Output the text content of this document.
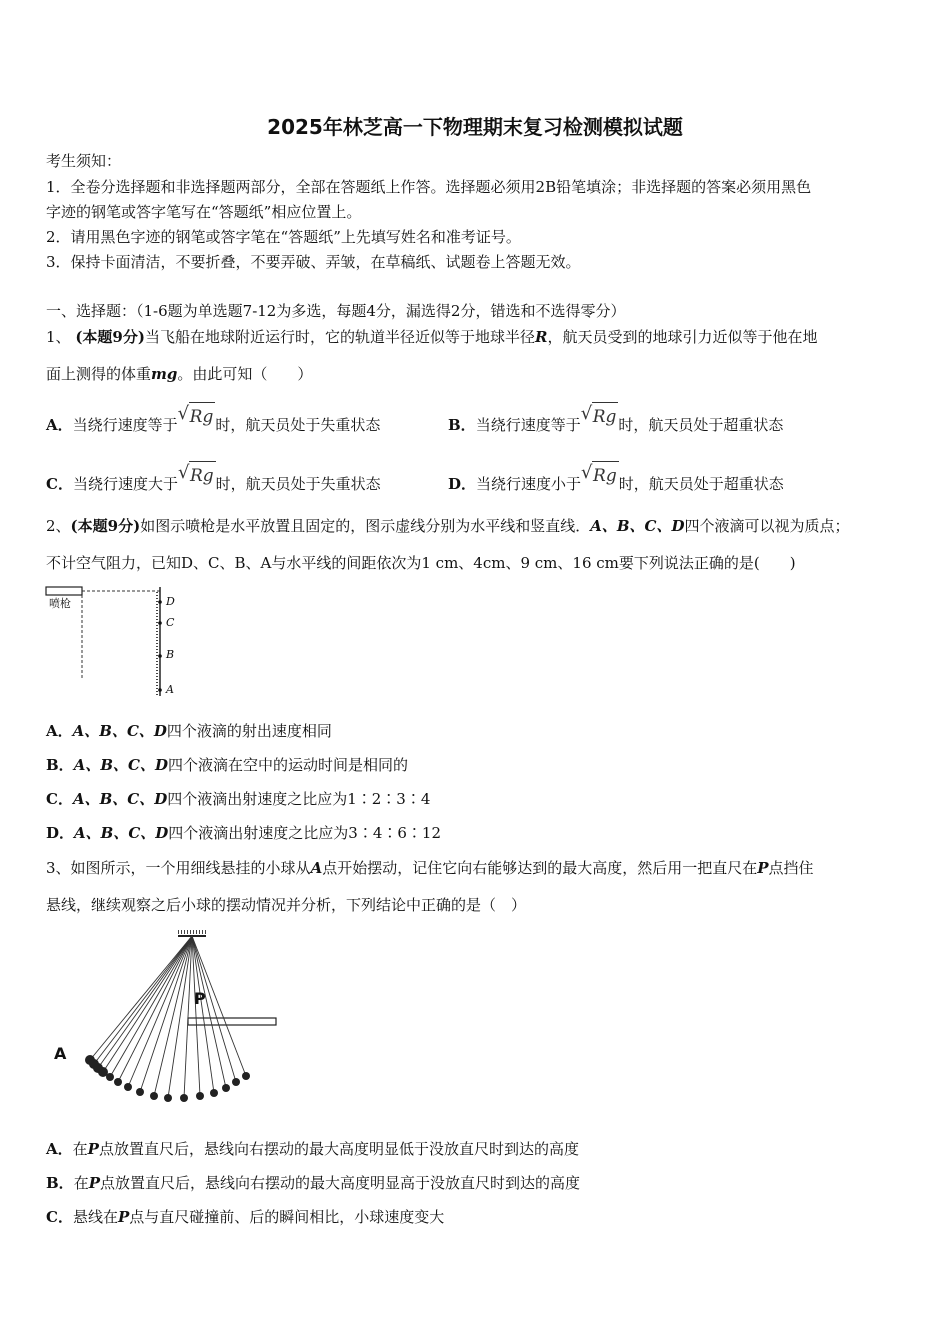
2025年林芝高一下物理期末复习检测模拟试题
考生须知：
1．全卷分选择题和非选择题两部分，全部在答题纸上作答。选择题必须用2B铅笔填涂；非选择题的答案必须用黑色
字迹的钢笔或答字笔写在“答题纸”相应位置上。
2．请用黑色字迹的钢笔或答字笔在“答题纸”上先填写姓名和准考证号。
3．保持卡面清洁，不要折叠，不要弄破、弄皱，在草稿纸、试题卷上答题无效。
一、选择题：（1-6题为单选题7-12为多选，每题4分，漏选得2分，错选和不选得零分）
1、 (本题9分)当飞船在地球附近运行时，它的轨道半径近似等于地球半径R，航天员受到的地球引力近似等于他在地
面上测得的体重mg。由此可知（　　）
A．当绕行速度等于 √ Rg 时，航天员处于失重状态	B．当绕行速度等于 √ Rg 时，航天员处于超重状态
C．当绕行速度大于 √ Rg 时，航天员处于失重状态	D．当绕行速度小于 √ Rg 时，航天员处于超重状态
2、(本题9分)如图示喷枪是水平放置且固定的，图示虚线分别为水平线和竖直线．A、B、C、D四个液滴可以视为质点；
不计空气阻力，已知D、C、B、A与水平线的间距依次为1 cm、4cm、9 cm、16 cm要下列说法正确的是(　　)
喷枪	D
C
B
A
A．A、B、C、D四个液滴的射出速度相同
B．A、B、C、D四个液滴在空中的运动时间是相同的
C．A、B、C、D四个液滴出射速度之比应为1∶2∶3∶4
D．A、B、C、D四个液滴出射速度之比应为3∶4∶6∶12
3、如图所示，一个用细线悬挂的小球从A点开始摆动，记住它向右能够达到的最大高度，然后用一把直尺在P点挡住
悬线，继续观察之后小球的摆动情况并分析，下列结论中正确的是（　）
P
A
A．在P点放置直尺后，悬线向右摆动的最大高度明显低于没放直尺时到达的高度
B．在P点放置直尺后，悬线向右摆动的最大高度明显高于没放直尺时到达的高度
C．悬线在P点与直尺碰撞前、后的瞬间相比，小球速度变大
